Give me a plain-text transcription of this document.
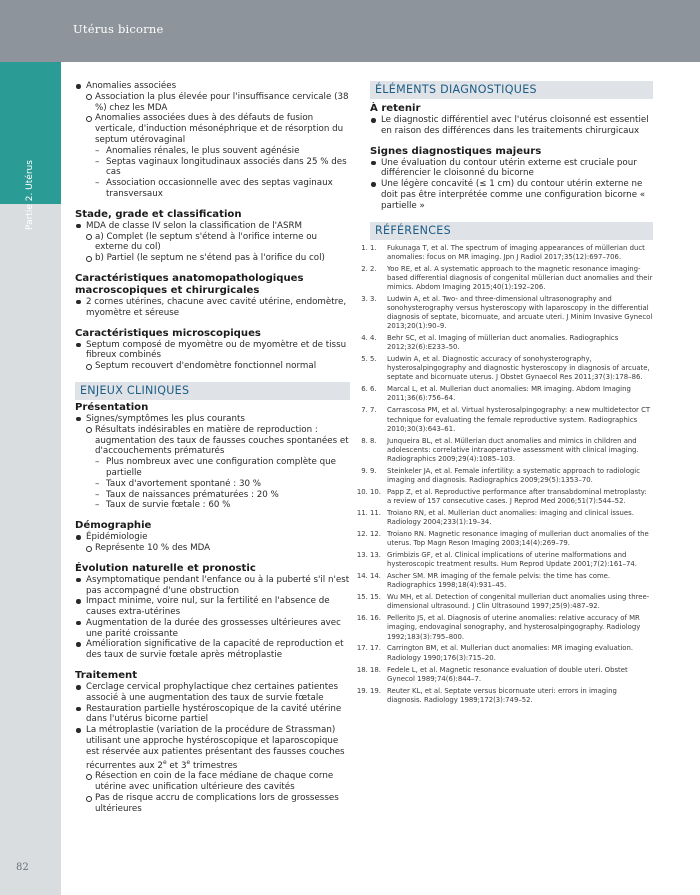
Utérus bicorne
Partie 2. Utérus
82
Anomalies associées
Association la plus élevée pour l'insuffisance cervicale (38 %) chez les MDA
Anomalies associées dues à des défauts de fusion verticale, d'induction mésonéphrique et de résorption du septum utérovaginal
– Anomalies rénales, le plus souvent agénésie
– Septas vaginaux longitudinaux associés dans 25 % des cas
– Association occasionnelle avec des septas vaginaux transversaux
Stade, grade et classification
MDA de classe IV selon la classification de l'ASRM
a) Complet (le septum s'étend à l'orifice interne ou externe du col)
b) Partiel (le septum ne s'étend pas à l'orifice du col)
Caractéristiques anatomopathologiques macroscopiques et chirurgicales
2 cornes utérines, chacune avec cavité utérine, endomètre, myomètre et séreuse
Caractéristiques microscopiques
Septum composé de myomètre ou de myomètre et de tissu fibreux combinés
Septum recouvert d'endomètre fonctionnel normal
ENJEUX CLINIQUES
Présentation
Signes/symptômes les plus courants
Résultats indésirables en matière de reproduction : augmentation des taux de fausses couches spontanées et d'accouchements prématurés
– Plus nombreux avec une configuration complète que partielle
– Taux d'avortement spontané : 30 %
– Taux de naissances prématurées : 20 %
– Taux de survie fœtale : 60 %
Démographie
Épidémiologie
Représente 10 % des MDA
Évolution naturelle et pronostic
Asymptomatique pendant l'enfance ou à la puberté s'il n'est pas accompagné d'une obstruction
Impact minime, voire nul, sur la fertilité en l'absence de causes extra-utérines
Augmentation de la durée des grossesses ultérieures avec une parité croissante
Amélioration significative de la capacité de reproduction et des taux de survie fœtale après métroplastie
Traitement
Cerclage cervical prophylactique chez certaines patientes associé à une augmentation des taux de survie fœtale
Restauration partielle hystéroscopique de la cavité utérine dans l'utérus bicorne partiel
La métroplastie (variation de la procédure de Strassman) utilisant une approche hystéroscopique et laparoscopique est réservée aux patientes présentant des fausses couches récurrentes aux 2e et 3e trimestres
Résection en coin de la face médiane de chaque corne utérine avec unification ultérieure des cavités
Pas de risque accru de complications lors de grossesses ultérieures
ÉLÉMENTS DIAGNOSTIQUES
À retenir
Le diagnostic différentiel avec l'utérus cloisonné est essentiel en raison des différences dans les traitements chirurgicaux
Signes diagnostiques majeurs
Une évaluation du contour utérin externe est cruciale pour différencier le cloisonné du bicorne
Une légère concavité (≤ 1 cm) du contour utérin externe ne doit pas être interprétée comme une configuration bicorne « partielle »
RÉFÉRENCES
1. 1. Fukunaga T, et al. The spectrum of imaging appearances of müllerian duct anomalies: focus on MR imaging. Jpn J Radiol 2017;35(12):697–706.
2. 2. Yoo RE, et al. A systematic approach to the magnetic resonance imaging-based differential diagnosis of congenital müllerian duct anomalies and their mimics. Abdom Imaging 2015;40(1):192–206.
3. 3. Ludwin A, et al. Two- and three-dimensional ultrasonography and sonohysterography versus hysteroscopy with laparoscopy in the differential diagnosis of septate, bicornuate, and arcuate uteri. J Minim Invasive Gynecol 2013;20(1):90–9.
4. 4. Behr SC, et al. Imaging of müllerian duct anomalies. Radiographics 2012;32(6):E233–50.
5. 5. Ludwin A, et al. Diagnostic accuracy of sonohysterography, hysterosalpingography and diagnostic hysteroscopy in diagnosis of arcuate, septate and bicornuate uterus. J Obstet Gynaecol Res 2011;37(3):178–86.
6. 6. Marcal L, et al. Mullerian duct anomalies: MR imaging. Abdom Imaging 2011;36(6):756–64.
7. 7. Carrascosa PM, et al. Virtual hysterosalpingography: a new multidetector CT technique for evaluating the female reproductive system. Radiographics 2010;30(3):643–61.
8. 8. Junqueira BL, et al. Müllerian duct anomalies and mimics in children and adolescents: correlative intraoperative assessment with clinical imaging. Radiographics 2009;29(4):1085–103.
9. 9. Steinkeler JA, et al. Female infertility: a systematic approach to radiologic imaging and diagnosis. Radiographics 2009;29(5):1353–70.
10. 10. Papp Z, et al. Reproductive performance after transabdominal metroplasty: a review of 157 consecutive cases. J Reprod Med 2006;51(7):544–52.
11. 11. Troiano RN, et al. Mullerian duct anomalies: imaging and clinical issues. Radiology 2004;233(1):19–34.
12. 12. Troiano RN. Magnetic resonance imaging of mullerian duct anomalies of the uterus. Top Magn Reson Imaging 2003;14(4):269–79.
13. 13. Grimbizis GF, et al. Clinical implications of uterine malformations and hysteroscopic treatment results. Hum Reprod Update 2001;7(2):161–74.
14. 14. Ascher SM. MR imaging of the female pelvis: the time has come. Radiographics 1998;18(4):931–45.
15. 15. Wu MH, et al. Detection of congenital mullerian duct anomalies using three-dimensional ultrasound. J Clin Ultrasound 1997;25(9):487–92.
16. 16. Pellerito JS, et al. Diagnosis of uterine anomalies: relative accuracy of MR imaging, endovaginal sonography, and hysterosalpingography. Radiology 1992;183(3):795–800.
17. 17. Carrington BM, et al. Mullerian duct anomalies: MR imaging evaluation. Radiology 1990;176(3):715–20.
18. 18. Fedele L, et al. Magnetic resonance evaluation of double uteri. Obstet Gynecol 1989;74(6):844–7.
19. 19. Reuter KL, et al. Septate versus bicornuate uteri: errors in imaging diagnosis. Radiology 1989;172(3):749–52.
